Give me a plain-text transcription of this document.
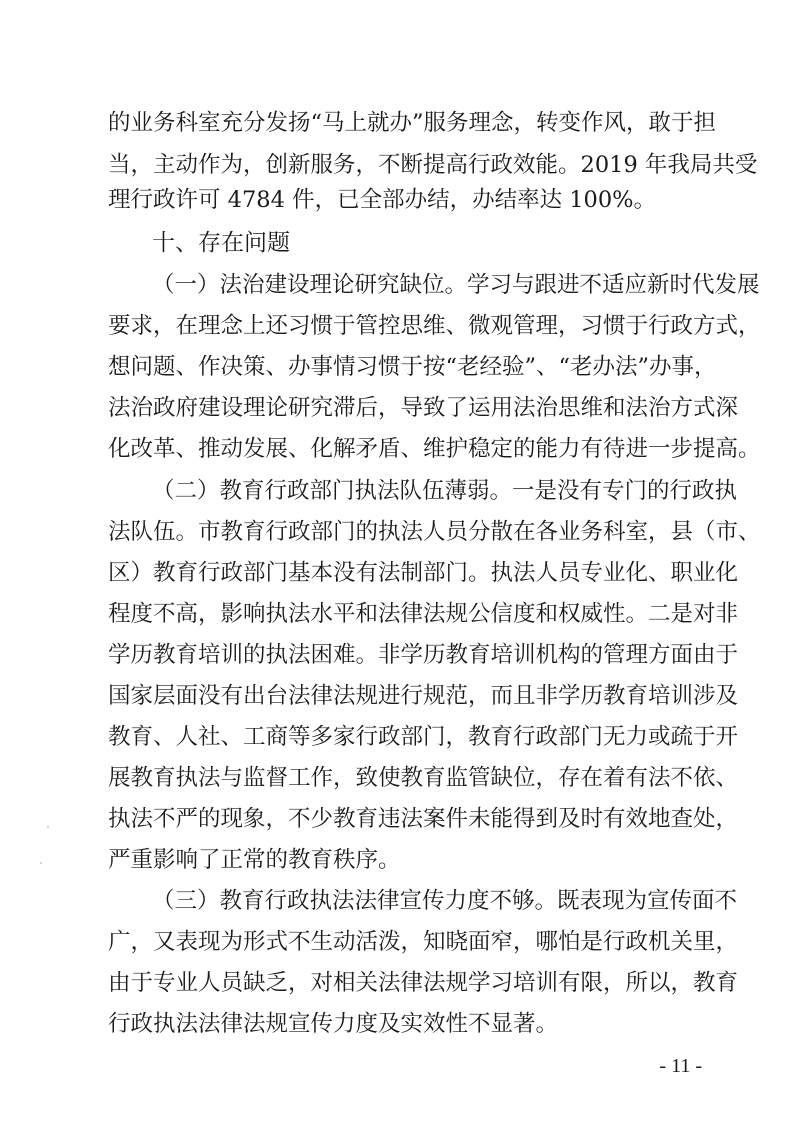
的业务科室充分发扬“马上就办”服务理念，转变作风，敢于担
当，主动作为，创新服务，不断提高行政效能。2019 年我局共受
理行政许可 4784 件，已全部办结，办结率达 100%。
十、存在问题
（一）法治建设理论研究缺位。学习与跟进不适应新时代发展
要求，在理念上还习惯于管控思维、微观管理，习惯于行政方式，
想问题、作决策、办事情习惯于按“老经验”、“老办法”办事，
法治政府建设理论研究滞后，导致了运用法治思维和法治方式深
化改革、推动发展、化解矛盾、维护稳定的能力有待进一步提高。
（二）教育行政部门执法队伍薄弱。一是没有专门的行政执
法队伍。市教育行政部门的执法人员分散在各业务科室，县（市、
区）教育行政部门基本没有法制部门。执法人员专业化、职业化
程度不高，影响执法水平和法律法规公信度和权威性。二是对非
学历教育培训的执法困难。非学历教育培训机构的管理方面由于
国家层面没有出台法律法规进行规范，而且非学历教育培训涉及
教育、人社、工商等多家行政部门，教育行政部门无力或疏于开
展教育执法与监督工作，致使教育监管缺位，存在着有法不依、
执法不严的现象，不少教育违法案件未能得到及时有效地查处，
严重影响了正常的教育秩序。
（三）教育行政执法法律宣传力度不够。既表现为宣传面不
广，又表现为形式不生动活泼，知晓面窄，哪怕是行政机关里，
由于专业人员缺乏，对相关法律法规学习培训有限，所以，教育
行政执法法律法规宣传力度及实效性不显著。
- 11 -
